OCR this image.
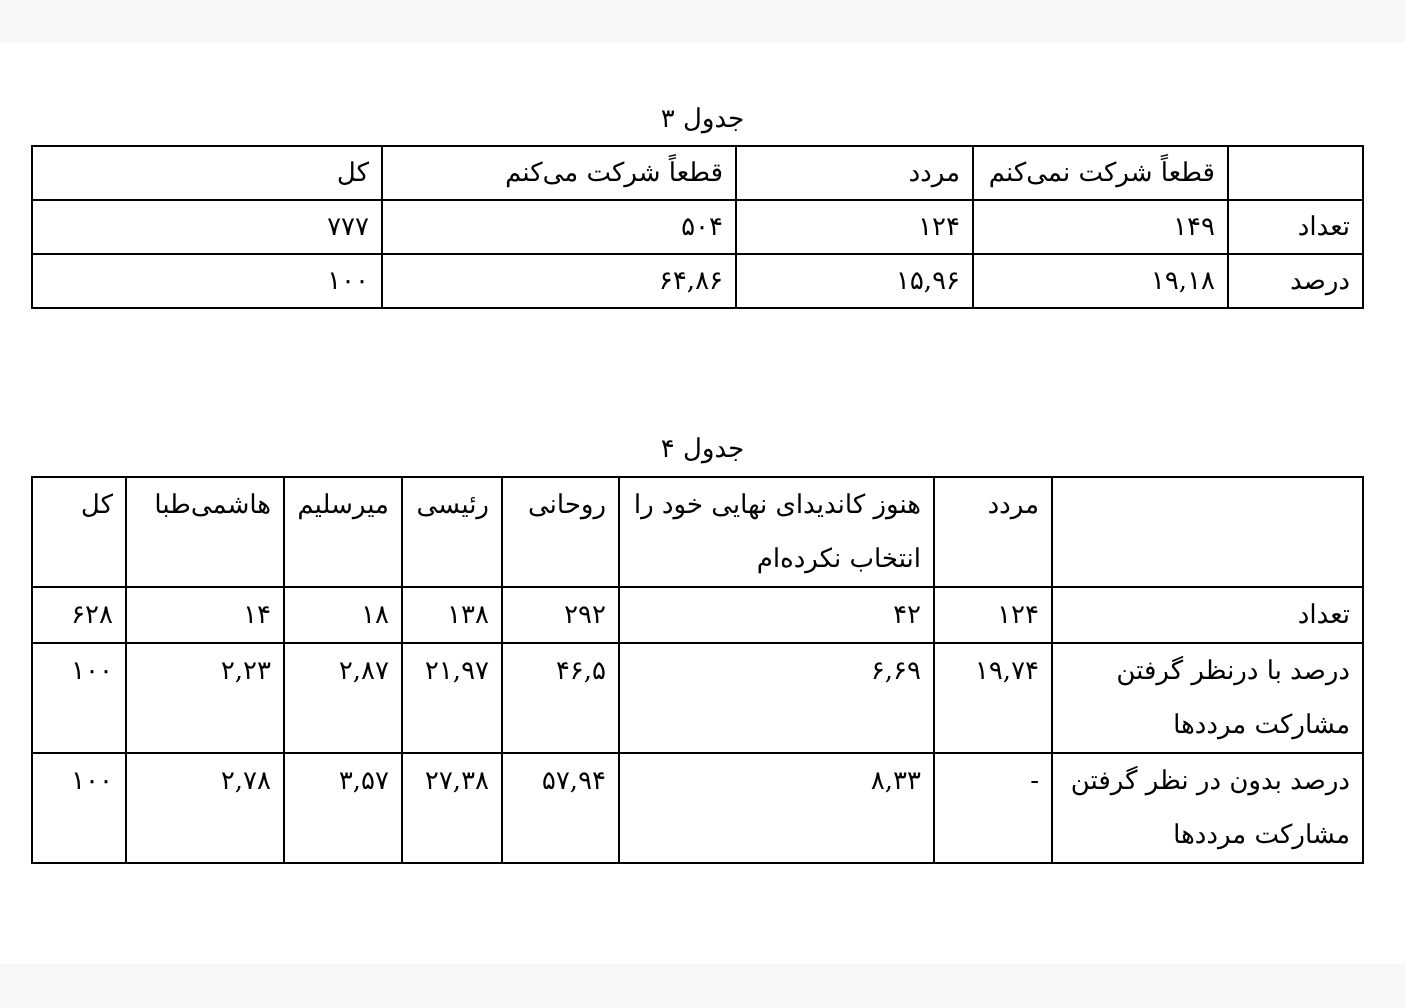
جدول ۳
	قطعاً شرکت نمی‌کنم	مردد	قطعاً شرکت می‌کنم	کل
تعداد	۱۴۹	۱۲۴	۵۰۴	۷۷۷
درصد	۱۹,۱۸	۱۵,۹۶	۶۴,۸۶	۱۰۰
جدول ۴
	مردد	هنوز کاندیدای نهایی خود را انتخاب نکرده‌ام	روحانی	رئیسی	میرسلیم	هاشمی‌طبا	کل
تعداد	۱۲۴	۴۲	۲۹۲	۱۳۸	۱۸	۱۴	۶۲۸
درصد با درنظر گرفتن مشارکت مرددها	۱۹,۷۴	۶,۶۹	۴۶,۵	۲۱,۹۷	۲,۸۷	۲,۲۳	۱۰۰
درصد بدون در نظر گرفتن مشارکت مرددها	-	۸,۳۳	۵۷,۹۴	۲۷,۳۸	۳,۵۷	۲,۷۸	۱۰۰
